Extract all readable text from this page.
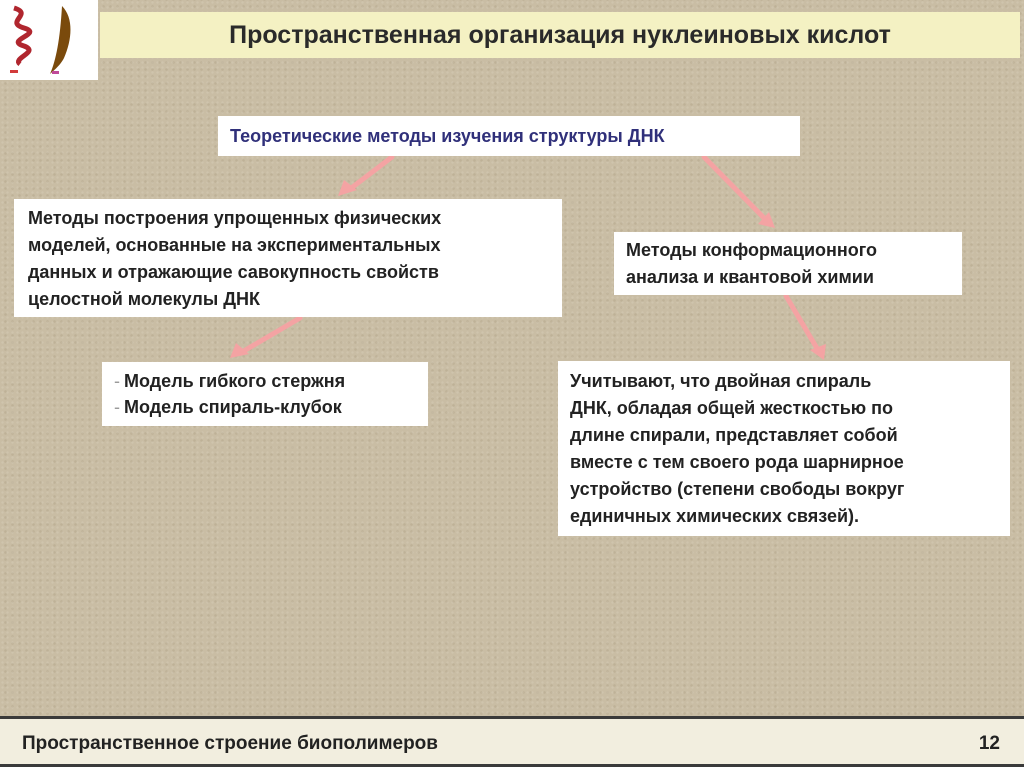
Пространственная организация нуклеиновых кислот
Теоретические методы изучения структуры ДНК
Методы построения упрощенных физических
моделей, основанные на экспериментальных
данных и отражающие савокупность свойств
целостной молекулы ДНК
Методы конформационного
анализа и квантовой химии
- Модель гибкого стержня
- Модель спираль-клубок
Учитывают, что двойная спираль
ДНК, обладая общей жесткостью по
длине спирали, представляет собой
вместе с тем своего рода шарнирное
устройство (степени свободы вокруг
единичных химических связей).
Пространственное строение биополимеров	12
